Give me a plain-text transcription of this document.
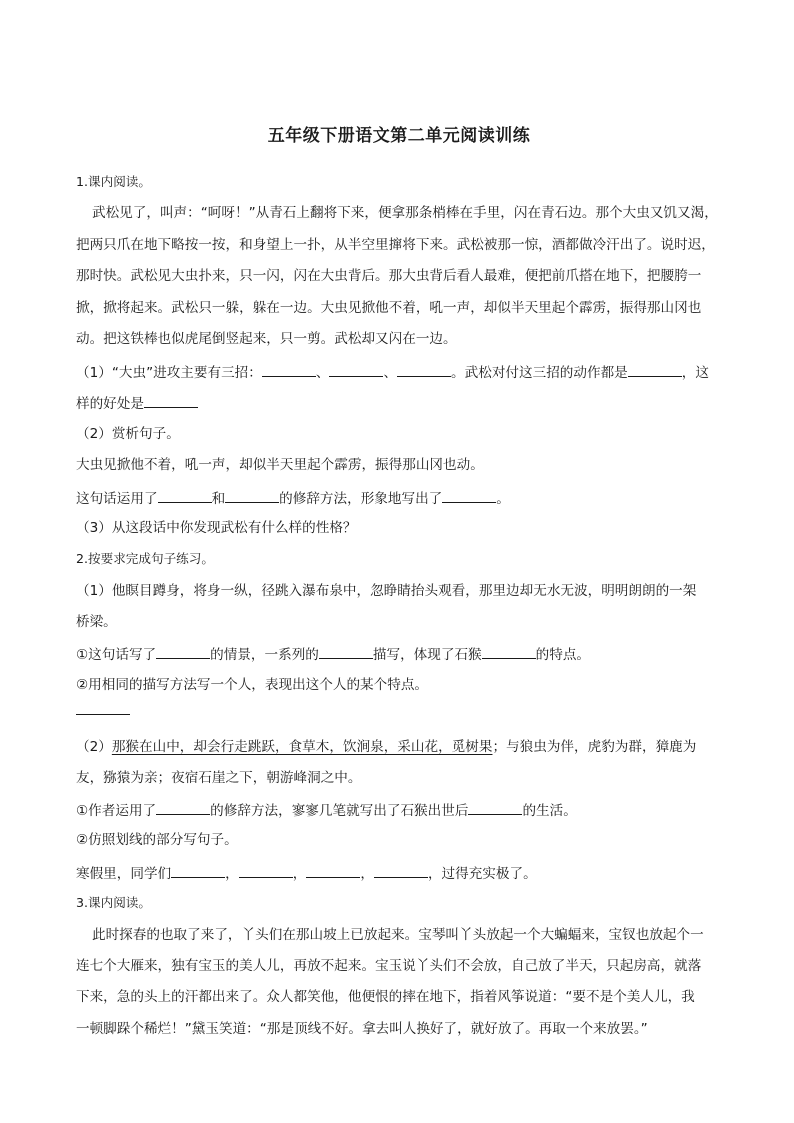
五年级下册语文第二单元阅读训练
1.课内阅读。
武松见了，叫声：“呵呀！”从青石上翻将下来，便拿那条梢棒在手里，闪在青石边。那个大虫又饥又渴，
把两只爪在地下略按一按，和身望上一扑，从半空里撺将下来。武松被那一惊，酒都做冷汗出了。说时迟，
那时快。武松见大虫扑来，只一闪，闪在大虫背后。那大虫背后看人最难，便把前爪搭在地下，把腰胯一
掀，掀将起来。武松只一躲，躲在一边。大虫见掀他不着，吼一声，却似半天里起个霹雳，振得那山冈也
动。把这铁棒也似虎尾倒竖起来，只一剪。武松却又闪在一边。
（1）“大虫”进攻主要有三招：	、	、	。武松对付这三招的动作都是	，这
样的好处是
（2）赏析句子。
大虫见掀他不着，吼一声，却似半天里起个霹雳，振得那山冈也动。
这句话运用了	和	的修辞方法，形象地写出了	。
（3）从这段话中你发现武松有什么样的性格？
2.按要求完成句子练习。
（1）他瞑目蹲身，将身一纵，径跳入瀑布泉中，忽睁睛抬头观看，那里边却无水无波，明明朗朗的一架
桥梁。
①这句话写了	的情景，一系列的	描写，体现了石猴	的特点。
②用相同的描写方法写一个人，表现出这个人的某个特点。
（2）那猴在山中，却会行走跳跃，食草木，饮涧泉，采山花，觅树果；与狼虫为伴，虎豹为群，獐鹿为
友，猕猿为亲；夜宿石崖之下，朝游峰洞之中。
①作者运用了	的修辞方法，寥寥几笔就写出了石猴出世后	的生活。
②仿照划线的部分写句子。
寒假里，同学们	，	，	，	，过得充实极了。
3.课内阅读。
此时探春的也取了来了，丫头们在那山坡上已放起来。宝琴叫丫头放起一个大蝙蝠来，宝钗也放起个一
连七个大雁来，独有宝玉的美人儿，再放不起来。宝玉说丫头们不会放，自己放了半天，只起房高，就落
下来，急的头上的汗都出来了。众人都笑他，他便恨的摔在地下，指着风筝说道：“要不是个美人儿，我
一顿脚跺个稀烂！”黛玉笑道：“那是顶线不好。拿去叫人换好了，就好放了。再取一个来放罢。”
